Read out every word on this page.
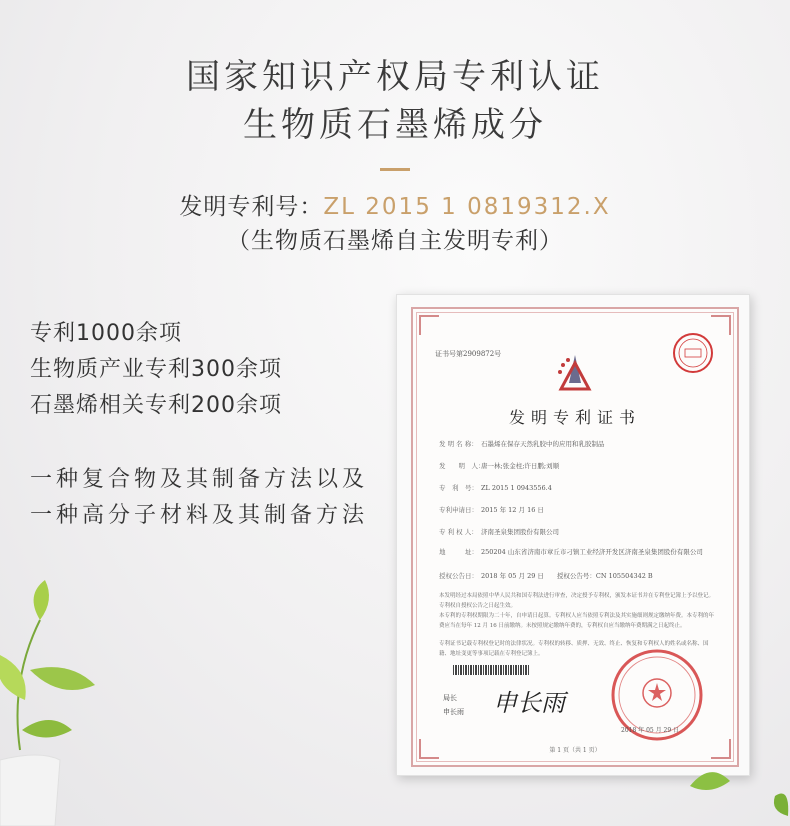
国家知识产权局专利认证
生物质石墨烯成分
发明专利号：ZL 2015 1 0819312.X
（生物质石墨烯自主发明专利）
专利1000余项
生物质产业专利300余项
石墨烯相关专利200余项
一种复合物及其制备方法以及一种高分子材料及其制备方法
证书号第2909872号
发明专利证书
发 明 名 称： 石墨烯在保存天然乳胶中的应用和乳胶制品
发　　明　人：唐一林;张金柱;许日鹏;刘顺
专　利　号： ZL 2015 1 0943556.4
专利申请日： 2015 年 12 月 16 日
专 利 权 人： 济南圣泉集团股份有限公司
地　　　址： 250204 山东省济南市章丘市刁镇工业经济开发区济南圣泉集团股份有限公司
授权公告日： 2018 年 05 月 29 日　　授权公告号：CN 105504342 B
本发明经过本局依照中华人民共和国专利法进行审查，决定授予专利权，颁发本证书并在专利登记簿上予以登记。专利权自授权公告之日起生效。
本专利的专利权期限为二十年，自申请日起算。专利权人应当依照专利法及其实施细则规定缴纳年费。本专利的年费应当在每年 12 月 16 日前缴纳。未按照规定缴纳年费的，专利权自应当缴纳年费期满之日起终止。
专利证书记载专利权登记时的法律状况。专利权的转移、质押、无效、终止、恢复和专利权人的姓名或名称、国籍、地址变更等事项记载在专利登记簿上。
局长
申长雨 申长雨
2018 年 05 月 29 日
第 1 页（共 1 页）
